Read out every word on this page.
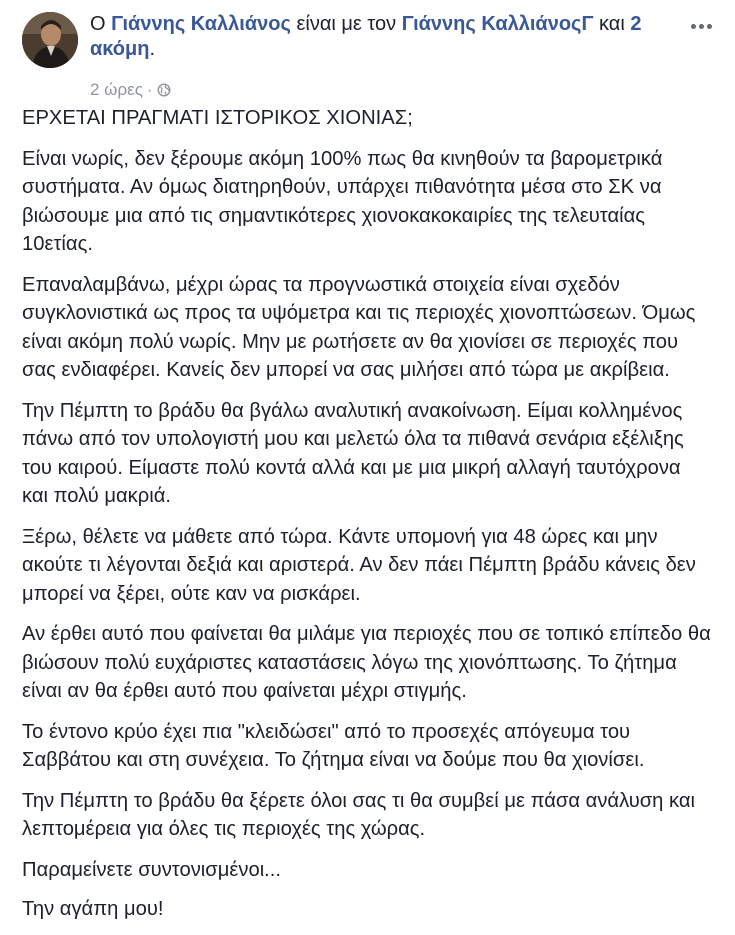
Ο Γιάννης Καλλιάνος είναι με τον Γιάννης ΚαλλιάνοςΓ και 2 ακόμη.
2 ώρες ·

ΕΡΧΕΤΑΙ ΠΡΑΓΜΑΤΙ ΙΣΤΟΡΙΚΟΣ ΧΙΟΝΙΑΣ;

Είναι νωρίς, δεν ξέρουμε ακόμη 100% πως θα κινηθούν τα βαρομετρικά συστήματα. Αν όμως διατηρηθούν, υπάρχει πιθανότητα μέσα στο ΣΚ να βιώσουμε μια από τις σημαντικότερες χιονοκακοκαιρίες της τελευταίας 10ετίας.

Επαναλαμβάνω, μέχρι ώρας τα προγνωστικά στοιχεία είναι σχεδόν συγκλονιστικά ως προς τα υψόμετρα και τις περιοχές χιονοπτώσεων. Όμως είναι ακόμη πολύ νωρίς. Μην με ρωτήσετε αν θα χιονίσει σε περιοχές που σας ενδιαφέρει. Κανείς δεν μπορεί να σας μιλήσει από τώρα με ακρίβεια.

Την Πέμπτη το βράδυ θα βγάλω αναλυτική ανακοίνωση. Είμαι κολλημένος πάνω από τον υπολογιστή μου και μελετώ όλα τα πιθανά σενάρια εξέλιξης του καιρού. Είμαστε πολύ κοντά αλλά και με μια μικρή αλλαγή ταυτόχρονα και πολύ μακριά.

Ξέρω, θέλετε να μάθετε από τώρα. Κάντε υπομονή για 48 ώρες και μην ακούτε τι λέγονται δεξιά και αριστερά. Αν δεν πάει Πέμπτη βράδυ κάνεις δεν μπορεί να ξέρει, ούτε καν να ρισκάρει.

Αν έρθει αυτό που φαίνεται θα μιλάμε για περιοχές που σε τοπικό επίπεδο θα βιώσουν πολύ ευχάριστες καταστάσεις λόγω της χιονόπτωσης. Το ζήτημα είναι αν θα έρθει αυτό που φαίνεται μέχρι στιγμής.

Το έντονο κρύο έχει πια "κλειδώσει" από το προσεχές απόγευμα του Σαββάτου και στη συνέχεια. Το ζήτημα είναι να δούμε που θα χιονίσει.

Την Πέμπτη το βράδυ θα ξέρετε όλοι σας τι θα συμβεί με πάσα ανάλυση και λεπτομέρεια για όλες τις περιοχές της χώρας.

Παραμείνετε συντονισμένοι...

Την αγάπη μου!
